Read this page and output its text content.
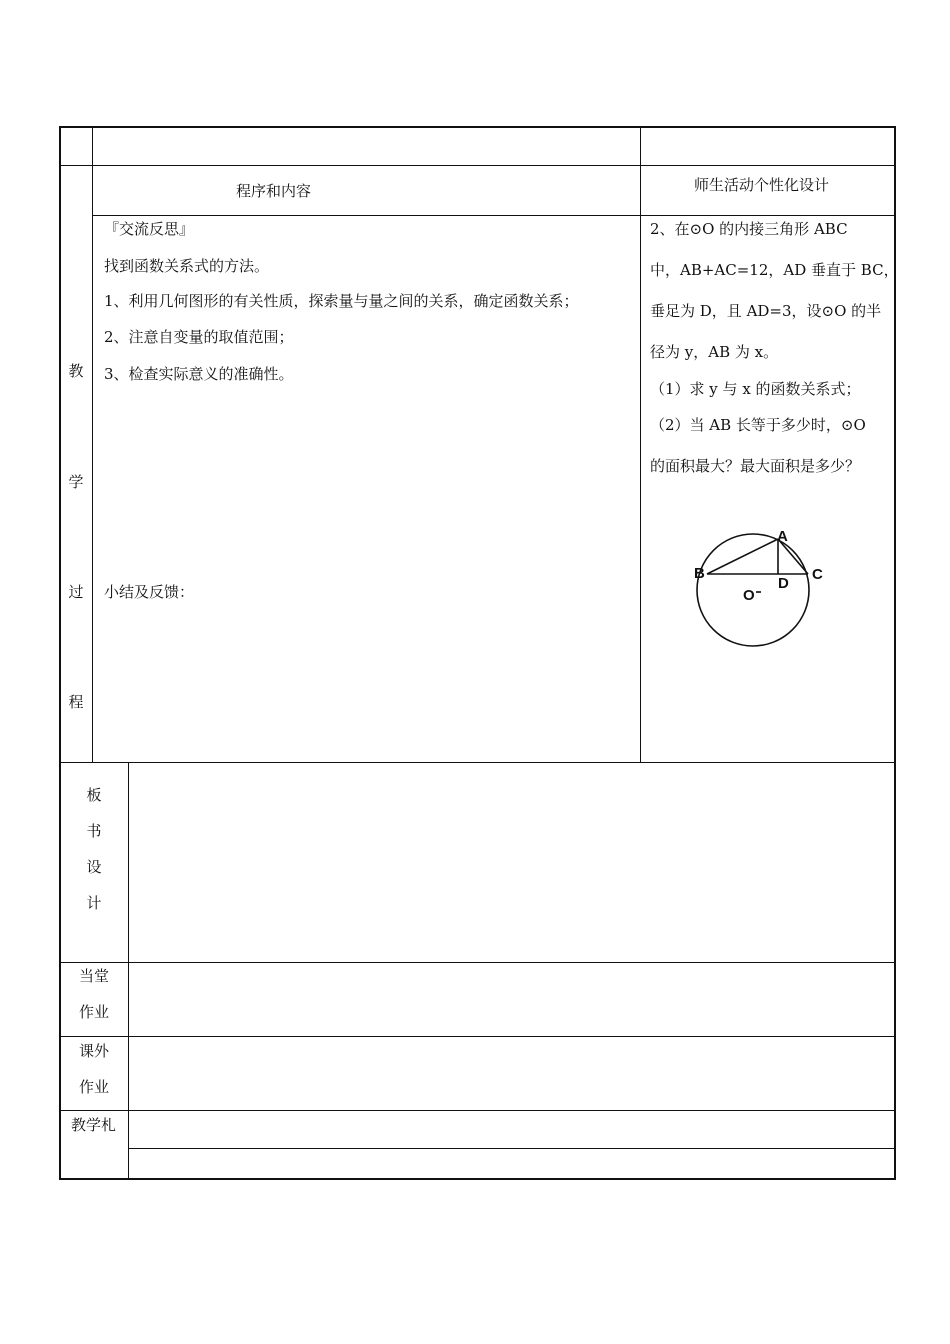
程序和内容	师生活动个性化设计
教
学
过
程
『交流反思』
找到函数关系式的方法。
1、利用几何图形的有关性质，探索量与量之间的关系，确定函数关系；
2、注意自变量的取值范围；
3、检查实际意义的准确性。
小结及反馈：
2、在⊙O 的内接三角形 ABC
中，AB+AC=12，AD 垂直于 BC，
垂足为 D，且 AD=3，设⊙O 的半
径为 y，AB 为 x。
（1）求 y 与 x 的函数关系式；
（2）当 AB 长等于多少时，⊙O
的面积最大？最大面积是多少？
A
B	C
D
O
板
书
设
计
当堂
作业
课外
作业
教学札
